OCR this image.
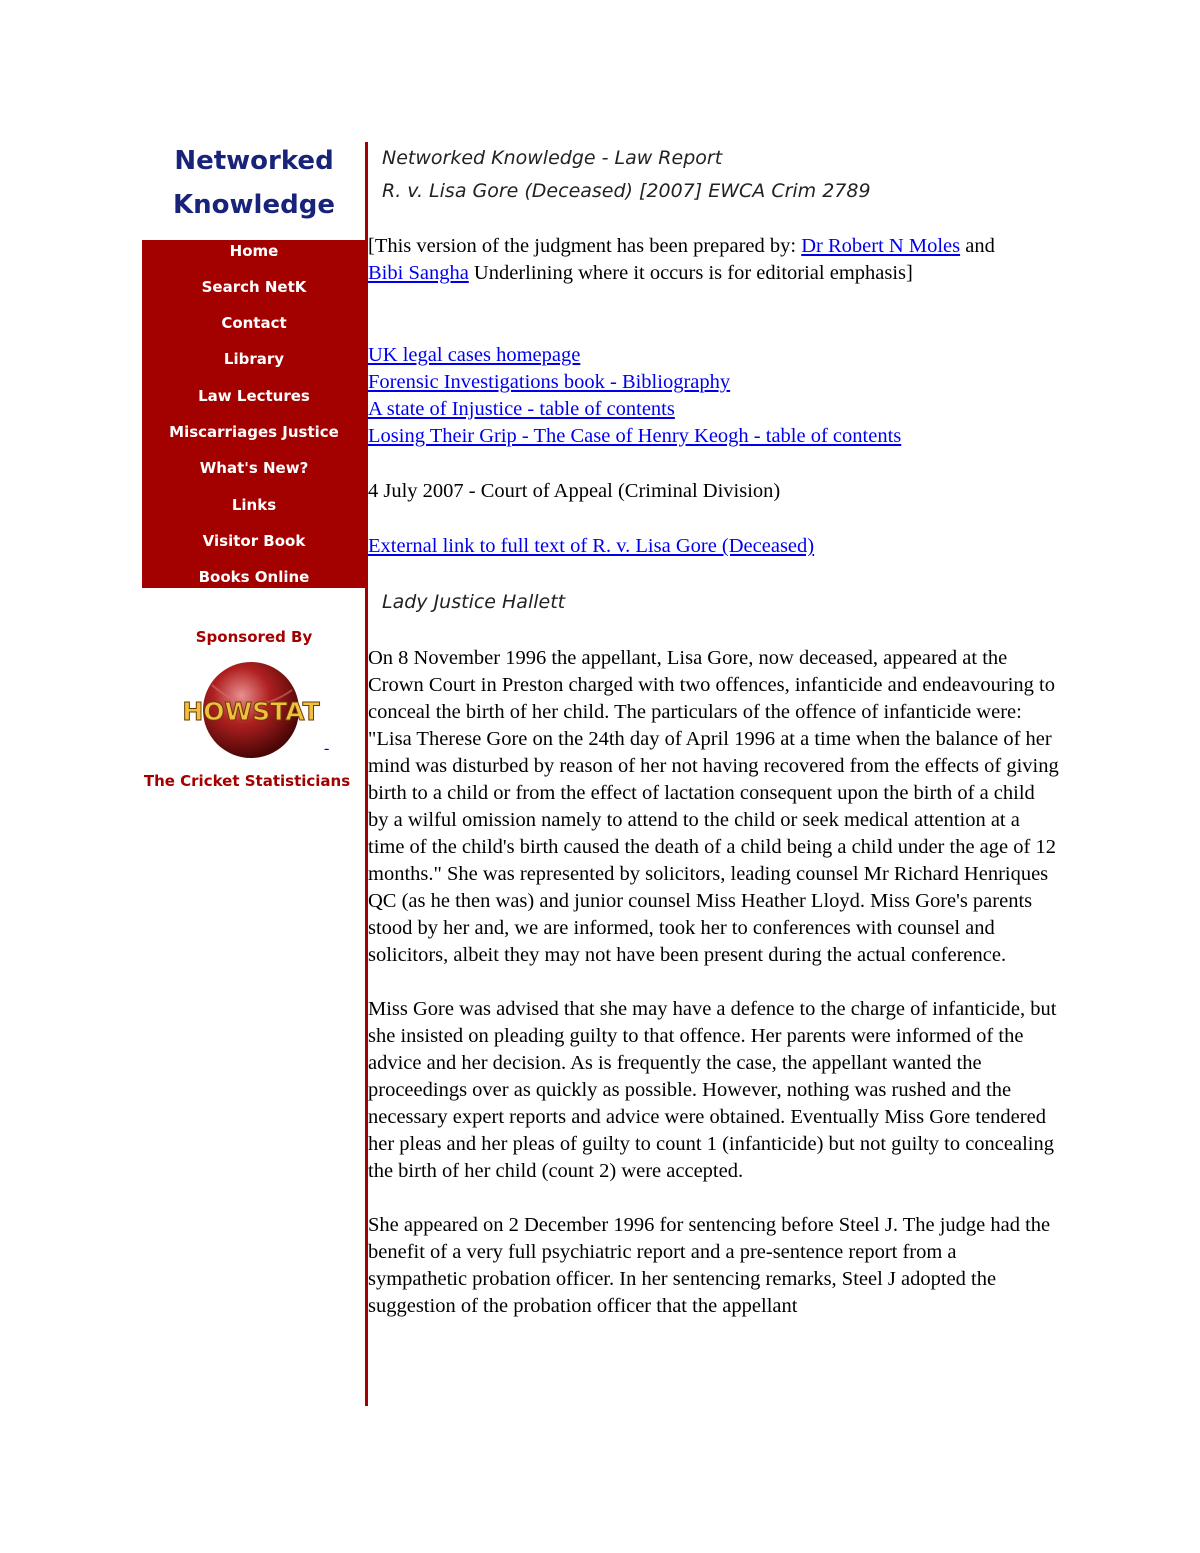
Networked
Knowledge
Home
Search NetK
Contact
Library
Law Lectures
Miscarriages Justice
What's New?
Links
Visitor Book
Books Online
Sponsored By
HOWSTAT
-
The Cricket Statisticians
Networked Knowledge - Law Report
R. v. Lisa Gore (Deceased) [2007] EWCA Crim 2789
[This version of the judgment has been prepared by: Dr Robert N Moles and Bibi Sangha Underlining where it occurs is for editorial emphasis]
UK legal cases homepage
Forensic Investigations book - Bibliography
A state of Injustice - table of contents
Losing Their Grip - The Case of Henry Keogh - table of contents
4 July 2007 - Court of Appeal (Criminal Division)
External link to full text of R. v. Lisa Gore (Deceased)
Lady Justice Hallett

On 8 November 1996 the appellant, Lisa Gore, now deceased, appeared at the Crown Court in Preston charged with two offences, infanticide and endeavouring to conceal the birth of her child. The particulars of the offence of infanticide were: "Lisa Therese Gore on the 24th day of April 1996 at a time when the balance of her mind was disturbed by reason of her not having recovered from the effects of giving birth to a child or from the effect of lactation consequent upon the birth of a child by a wilful omission namely to attend to the child or seek medical attention at a time of the child's birth caused the death of a child being a child under the age of 12 months." She was represented by solicitors, leading counsel Mr Richard Henriques QC (as he then was) and junior counsel Miss Heather Lloyd. Miss Gore's parents stood by her and, we are informed, took her to conferences with counsel and solicitors, albeit they may not have been present during the actual conference.

Miss Gore was advised that she may have a defence to the charge of infanticide, but she insisted on pleading guilty to that offence. Her parents were informed of the advice and her decision. As is frequently the case, the appellant wanted the proceedings over as quickly as possible. However, nothing was rushed and the necessary expert reports and advice were obtained. Eventually Miss Gore tendered her pleas and her pleas of guilty to count 1 (infanticide) but not guilty to concealing the birth of her child (count 2) were accepted.

She appeared on 2 December 1996 for sentencing before Steel J. The judge had the benefit of a very full psychiatric report and a pre-sentence report from a sympathetic probation officer. In her sentencing remarks, Steel J adopted the suggestion of the probation officer that the appellant
